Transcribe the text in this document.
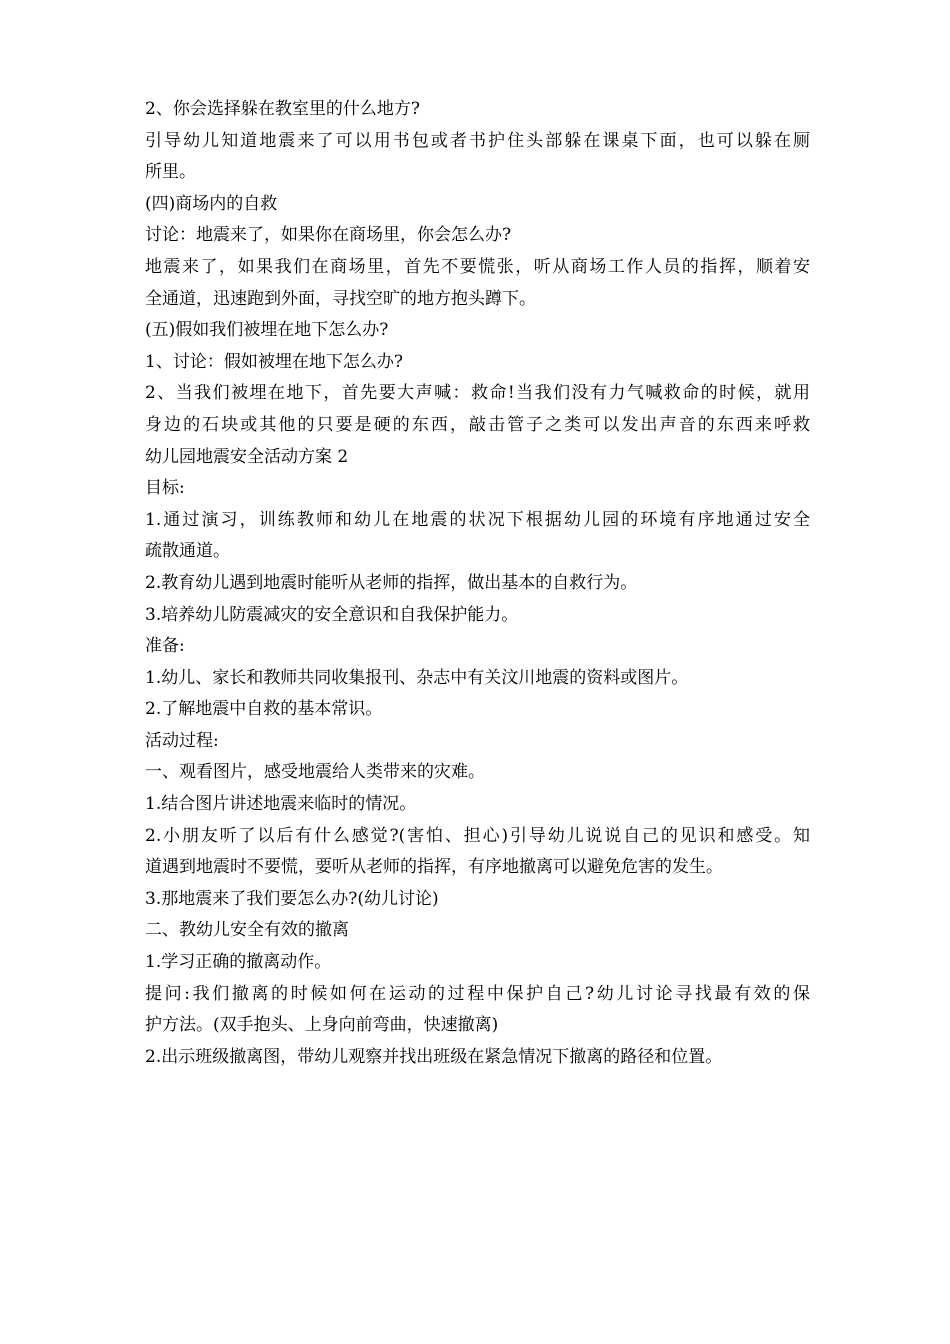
2、你会选择躲在教室里的什么地方?
引导幼儿知道地震来了可以用书包或者书护住头部躲在课桌下面，也可以躲在厕
所里。
(四)商场内的自救
讨论：地震来了，如果你在商场里，你会怎么办?
地震来了，如果我们在商场里，首先不要慌张，听从商场工作人员的指挥，顺着安
全通道，迅速跑到外面，寻找空旷的地方抱头蹲下。
(五)假如我们被埋在地下怎么办?
1、讨论：假如被埋在地下怎么办?
2、当我们被埋在地下，首先要大声喊：救命!当我们没有力气喊救命的时候，就用
身边的石块或其他的只要是硬的东西，敲击管子之类可以发出声音的东西来呼救
幼儿园地震安全活动方案 2
目标:
1.通过演习，训练教师和幼儿在地震的状况下根据幼儿园的环境有序地通过安全
疏散通道。
2.教育幼儿遇到地震时能听从老师的指挥，做出基本的自救行为。
3.培养幼儿防震减灾的安全意识和自我保护能力。
准备:
1.幼儿、家长和教师共同收集报刊、杂志中有关汶川地震的资料或图片。
2.了解地震中自救的基本常识。
活动过程:
一、观看图片，感受地震给人类带来的灾难。
1.结合图片讲述地震来临时的情况。
2.小朋友听了以后有什么感觉?(害怕、担心)引导幼儿说说自己的见识和感受。知
道遇到地震时不要慌，要听从老师的指挥，有序地撤离可以避免危害的发生。
3.那地震来了我们要怎么办?(幼儿讨论)
二、教幼儿安全有效的撤离
1.学习正确的撤离动作。
提问:我们撤离的时候如何在运动的过程中保护自己?幼儿讨论寻找最有效的保
护方法。(双手抱头、上身向前弯曲，快速撤离)
2.出示班级撤离图，带幼儿观察并找出班级在紧急情况下撤离的路径和位置。
